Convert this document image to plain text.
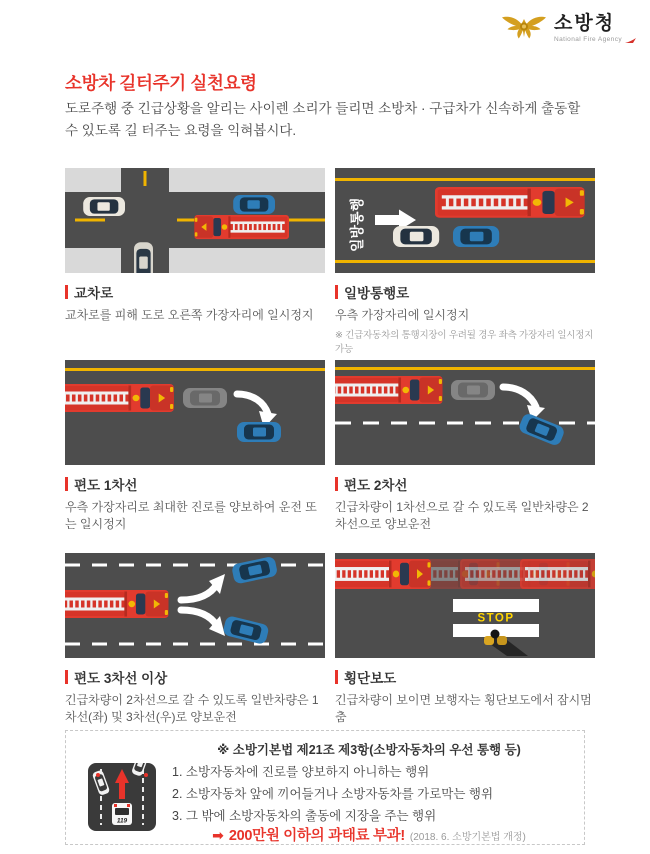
소방청
National Fire Agency
소방차 길터주기 실천요령

도로주행 중 긴급상황을 알리는 사이렌 소리가 들리면 소방차 · 구급차가 신속하게 출동할 수 있도록 길 터주는 요령을 익혀봅시다.

교차로

교차로를 피해 도로 오른쪽 가장자리에 일시정지

일방통행
일방통행로

우측 가장자리에 일시정지

※ 긴급자동차의 통행지장이 우려될 경우 좌측 가장자리 일시정지 가능

편도 1차선

우측 가장자리로 최대한 진로를 양보하여 운전 또는 일시정지

편도 2차선

긴급차량이 1차선으로 갈 수 있도록 일반차량은 2차선으로 양보운전

편도 3차선 이상

긴급차량이 2차선으로 갈 수 있도록 일반차량은 1차선(좌) 및 3차선(우)로 양보운전

STOP
횡단보도

긴급차량이 보이면 보행자는 횡단보도에서 잠시멈춤

※ 소방기본법 제21조 제3항(소방자동차의 우선 통행 등)
119

1. 소방자동차에 진로를 양보하지 아니하는 행위

2. 소방자동차 앞에 끼어들거나 소방자동차를 가로막는 행위

3. 그 밖에 소방자동차의 출동에 지장을 주는 행위

➡ 200만원 이하의 과태료 부과! (2018. 6. 소방기본법 개정)
